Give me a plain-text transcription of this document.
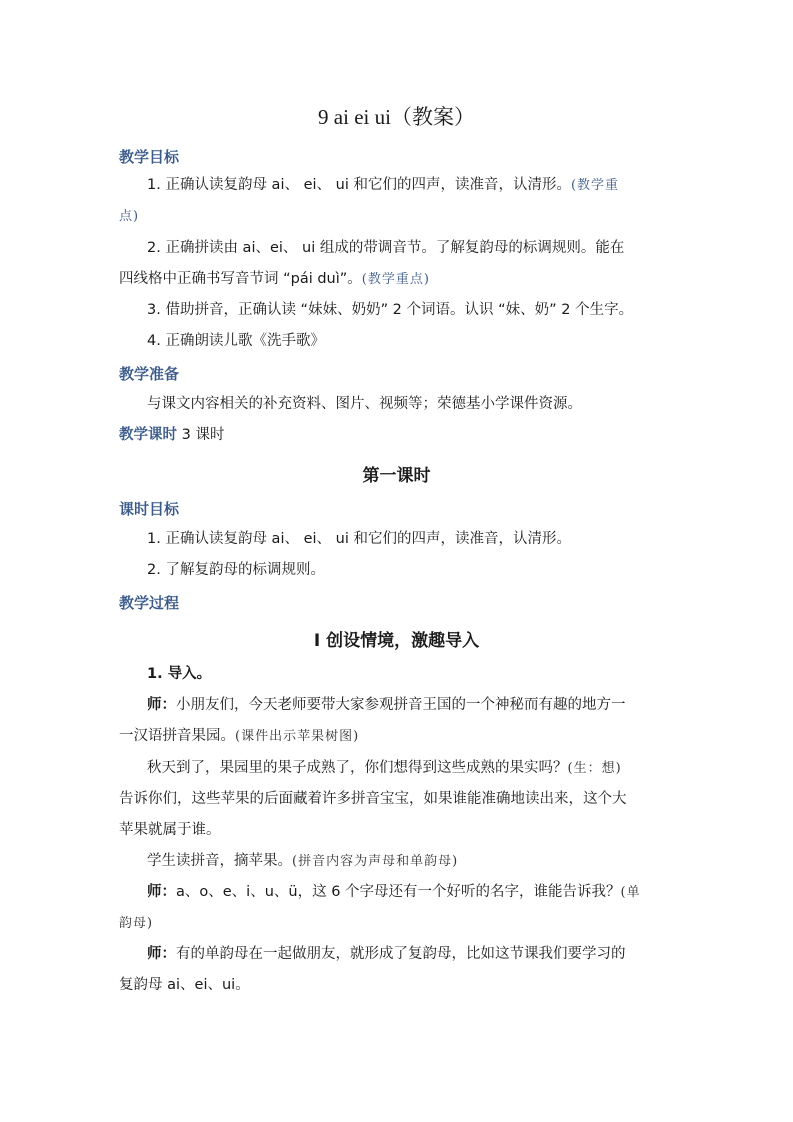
9 ai ei ui（教案）
教学目标
1. 正确认读复韵母 ai、 ei、 ui 和它们的四声，读准音，认清形。(教学重
点)
2. 正确拼读由 ai、ei、 ui 组成的带调音节。了解复韵母的标调规则。能在
四线格中正确书写音节词 “pái duì”。(教学重点)
3. 借助拼音，正确认读 “妹妹、奶奶” 2 个词语。认识 “妹、奶” 2 个生字。
4. 正确朗读儿歌《洗手歌》
教学准备
与课文内容相关的补充资料、图片、视频等；荣德基小学课件资源。
教学课时 3 课时
第一课时
课时目标
1. 正确认读复韵母 ai、 ei、 ui 和它们的四声，读准音，认清形。
2. 了解复韵母的标调规则。
教学过程
Ⅰ 创设情境，激趣导入
1. 导入。
师：小朋友们，今天老师要带大家参观拼音王国的一个神秘而有趣的地方一
一汉语拼音果园。(课件出示苹果树图)
秋天到了，果园里的果子成熟了，你们想得到这些成熟的果实吗？(生：想)
告诉你们，这些苹果的后面藏着许多拼音宝宝，如果谁能准确地读出来，这个大
苹果就属于谁。
学生读拼音，摘苹果。(拼音内容为声母和单韵母)
师：a、o、e、i、u、ü，这 6 个字母还有一个好听的名字，谁能告诉我？(单
韵母)
师：有的单韵母在一起做朋友，就形成了复韵母，比如这节课我们要学习的
复韵母 ai、ei、ui。
